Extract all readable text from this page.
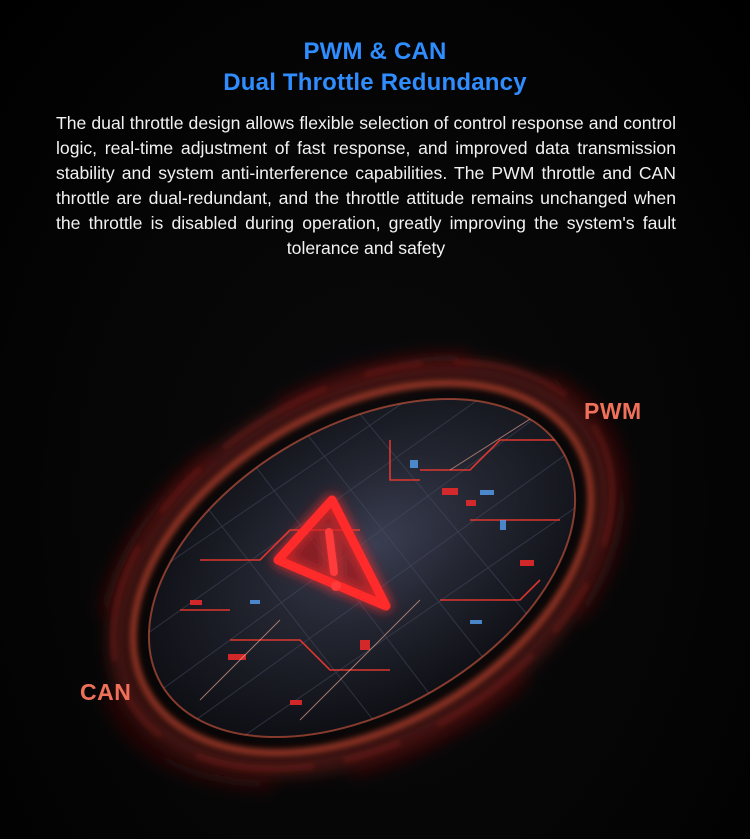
PWM & CAN
Dual Throttle Redundancy

The dual throttle design allows flexible selection of control response and control logic, real-time adjustment of fast response, and improved data transmission stability and system anti-interference capabilities. The PWM throttle and CAN throttle are dual-redundant, and the throttle attitude remains unchanged when the throttle is disabled during operation, greatly improving the system's fault tolerance and safety

PWM
CAN
